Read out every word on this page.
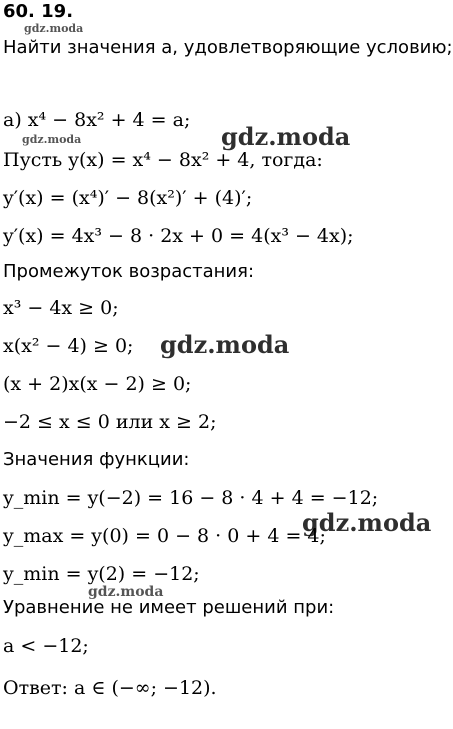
60. 19.
gdz.moda
gdz.moda	gdz.moda
gdz.moda
gdz.moda
gdz.moda
Найти значения a, удовлетворяющие условию;
а) x⁴ − 8x² + 4 = a;
Пусть y(x) = x⁴ − 8x² + 4, тогда:
y′(x) = (x⁴)′ − 8(x²)′ + (4)′;
y′(x) = 4x³ − 8 · 2x + 0 = 4(x³ − 4x);
Промежуток возрастания:
x³ − 4x ≥ 0;
x(x² − 4) ≥ 0;
(x + 2)x(x − 2) ≥ 0;
−2 ≤ x ≤ 0 или x ≥ 2;
Значения функции:
y_min = y(−2) = 16 − 8 · 4 + 4 = −12;
y_max = y(0) = 0 − 8 · 0 + 4 = 4;
y_min = y(2) = −12;
Уравнение не имеет решений при:
a < −12;
Ответ: a ∈ (−∞; −12).
